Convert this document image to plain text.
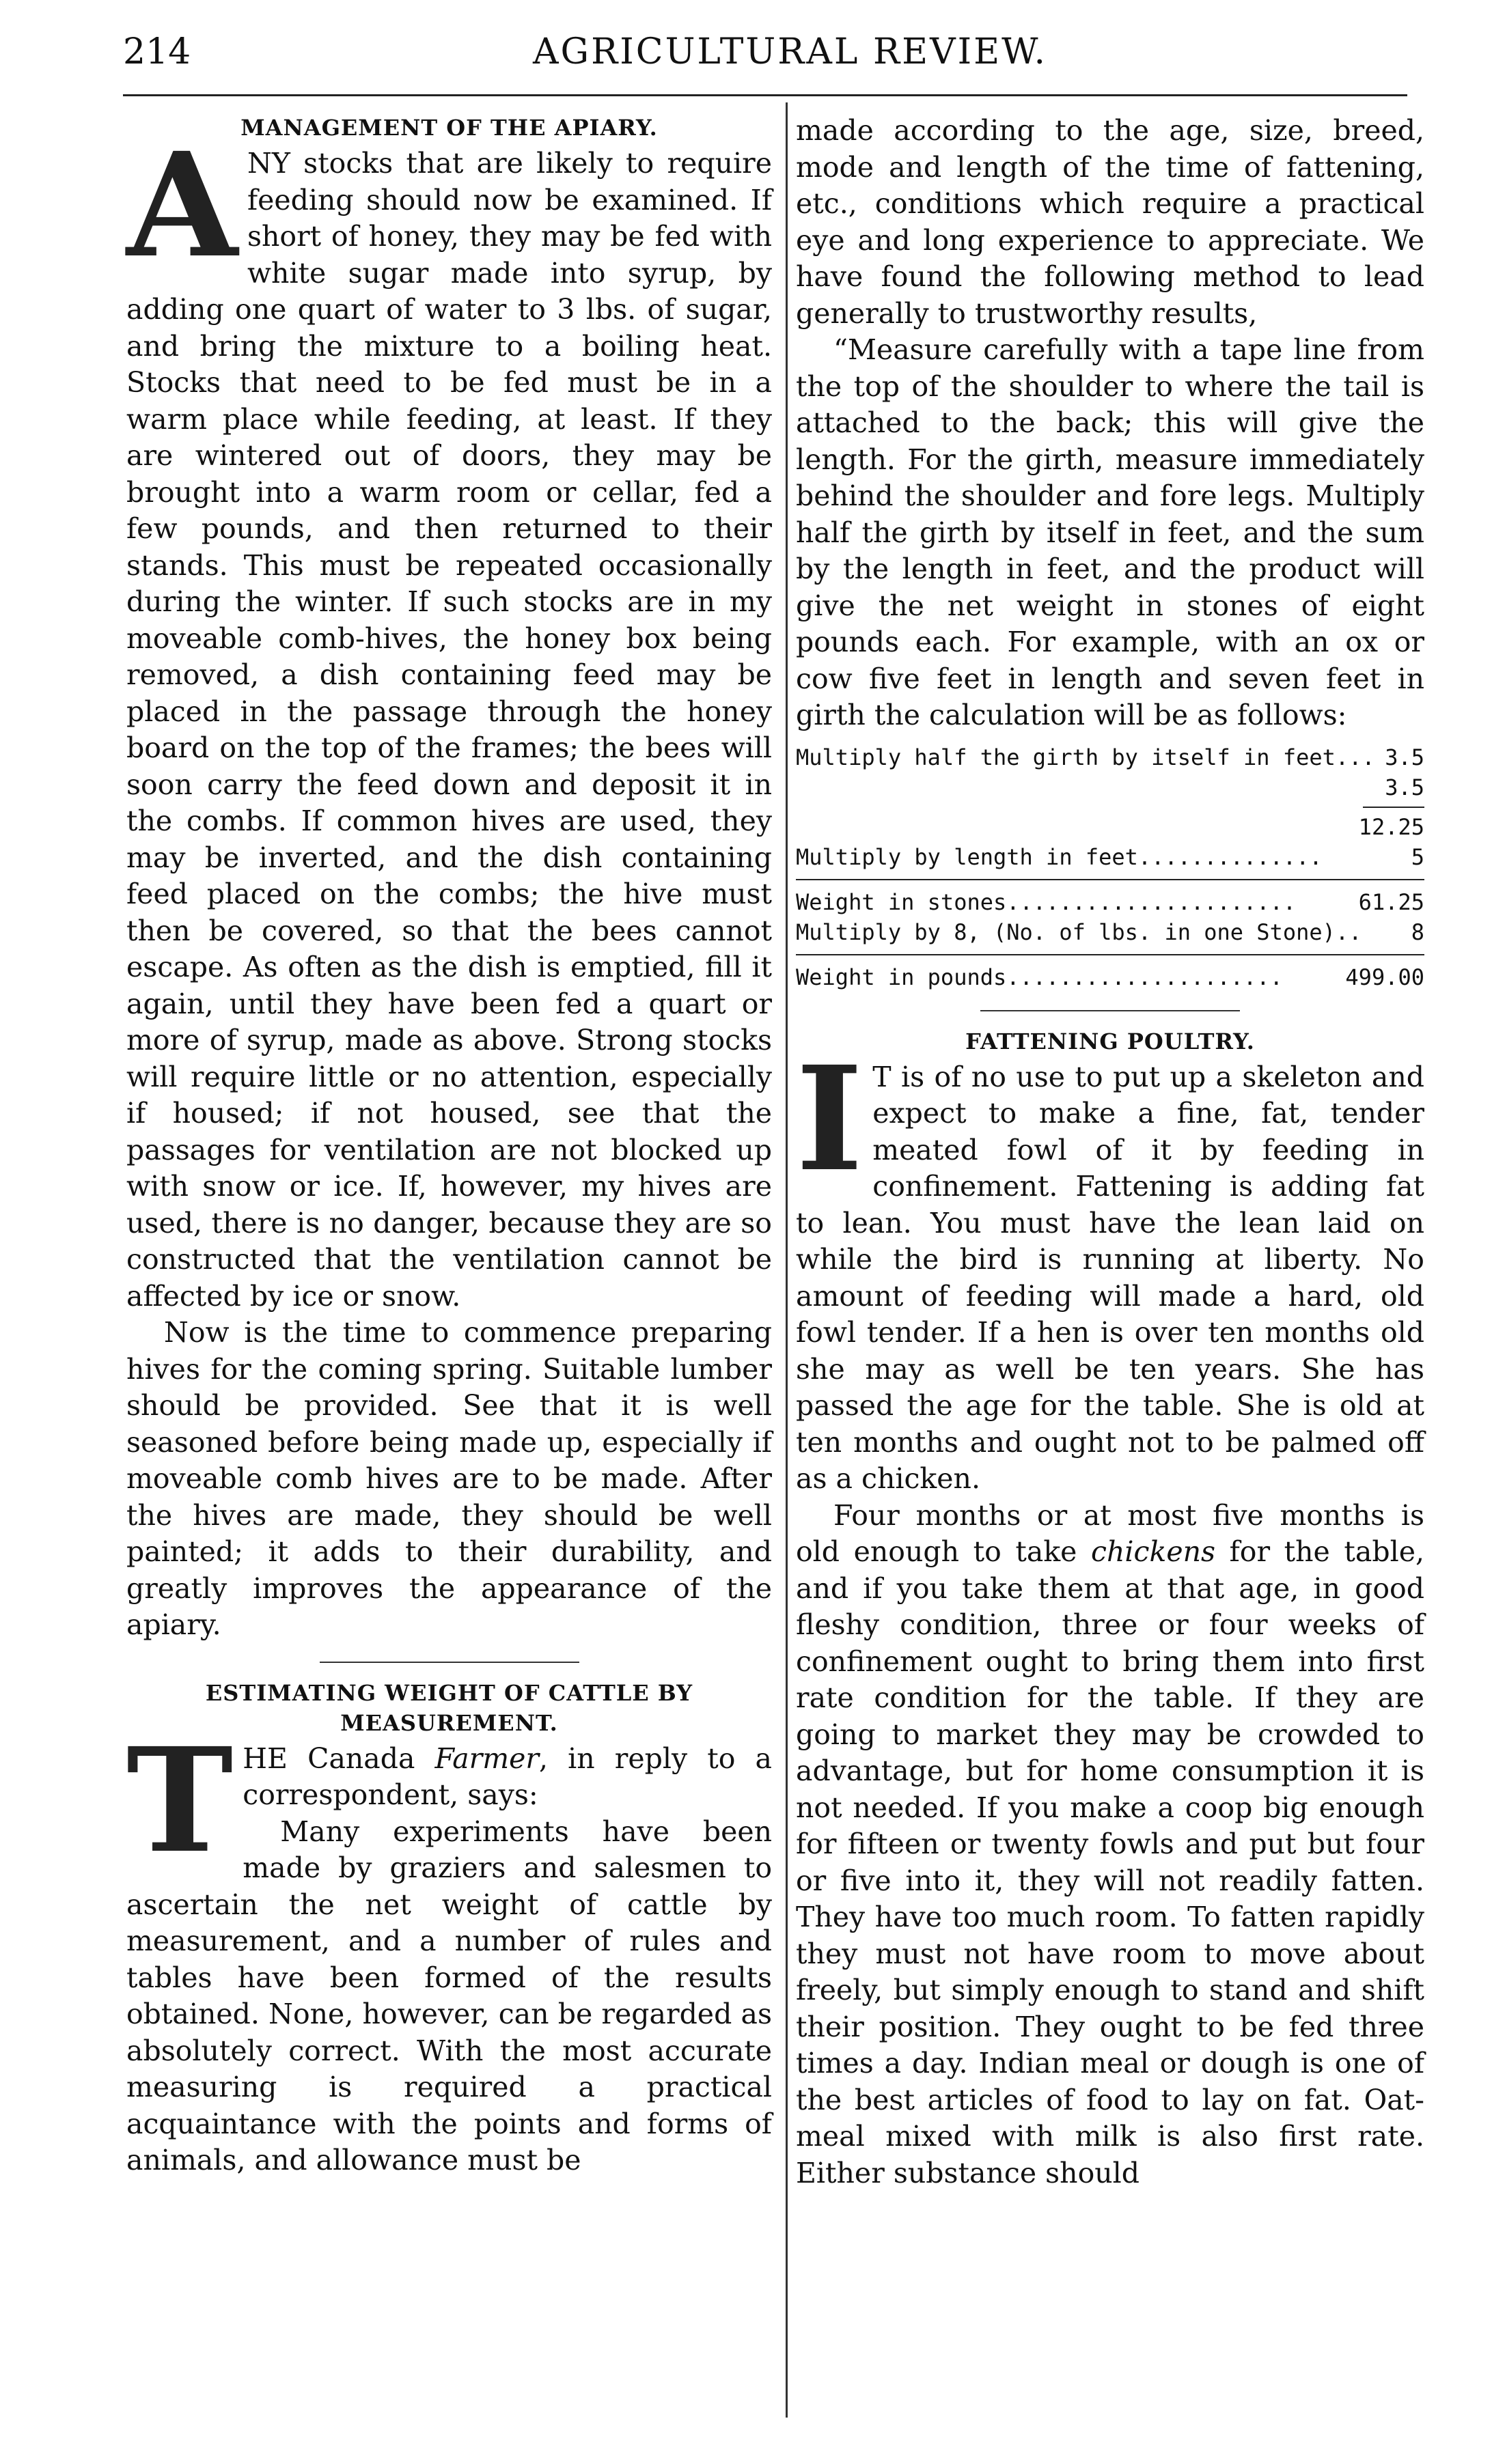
214	AGRICULTURAL REVIEW.
MANAGEMENT OF THE APIARY.

ANY stocks that are likely to require feeding should now be examined. If short of honey, they may be fed with white sugar made into syrup, by adding one quart of water to 3 lbs. of sugar, and bring the mixture to a boiling heat. Stocks that need to be fed must be in a warm place while feeding, at least. If they are wintered out of doors, they may be brought into a warm room or cellar, fed a few pounds, and then returned to their stands. This must be repeated occasionally during the winter. If such stocks are in my moveable comb-hives, the honey box being removed, a dish containing feed may be placed in the passage through the honey board on the top of the frames; the bees will soon carry the feed down and deposit it in the combs. If common hives are used, they may be inverted, and the dish containing feed placed on the combs; the hive must then be covered, so that the bees cannot escape. As often as the dish is emptied, fill it again, until they have been fed a quart or more of syrup, made as above. Strong stocks will require little or no attention, especially if housed; if not housed, see that the passages for ventilation are not blocked up with snow or ice. If, however, my hives are used, there is no danger, because they are so constructed that the ventilation cannot be affected by ice or snow.

Now is the time to commence preparing hives for the coming spring. Suitable lumber should be provided. See that it is well seasoned before being made up, especially if moveable comb hives are to be made. After the hives are made, they should be well painted; it adds to their durability, and greatly improves the appearance of the apiary.

ESTIMATING WEIGHT OF CATTLE BY MEASUREMENT.

THE Canada Farmer, in reply to a correspondent, says:

Many experiments have been made by graziers and salesmen to ascertain the net weight of cattle by measurement, and a number of rules and tables have been formed of the results obtained. None, however, can be regarded as absolutely correct. With the most accurate measuring is required a practical acquaintance with the points and forms of animals, and allowance must be

made according to the age, size, breed, mode and length of the time of fattening, etc., conditions which require a practical eye and long experience to appreciate. We have found the following method to lead generally to trustworthy results,

“Measure carefully with a tape line from the top of the shoulder to where the tail is attached to the back; this will give the length. For the girth, measure immediately behind the shoulder and fore legs. Multiply half the girth by itself in feet, and the sum by the length in feet, and the product will give the net weight in stones of eight pounds each. For example, with an ox or cow five feet in length and seven feet in girth the calculation will be as follows:

Multiply half the girth by itself in feet... 3.5
3.5
12.25
Multiply by length in feet..............	5
Weight in stones......................	61.25
Multiply by 8, (No. of lbs. in one Stone).. 8
Weight in pounds.....................	499.00
FATTENING POULTRY.

I T is of no use to put up a skeleton and expect to make a fine, fat, tender meated fowl of it by feeding in confinement. Fattening is adding fat to lean. You must have the lean laid on while the bird is running at liberty. No amount of feeding will made a hard, old fowl tender. If a hen is over ten months old she may as well be ten years. She has passed the age for the table. She is old at ten months and ought not to be palmed off as a chicken.

Four months or at most five months is old enough to take chickens for the table, and if you take them at that age, in good fleshy condition, three or four weeks of confinement ought to bring them into first rate condition for the table. If they are going to market they may be crowded to advantage, but for home consumption it is not needed. If you make a coop big enough for fifteen or twenty fowls and put but four or five into it, they will not readily fatten. They have too much room. To fatten rapidly they must not have room to move about freely, but simply enough to stand and shift their position. They ought to be fed three times a day. Indian meal or dough is one of the best articles of food to lay on fat. Oat-meal mixed with milk is also first rate. Either substance should
